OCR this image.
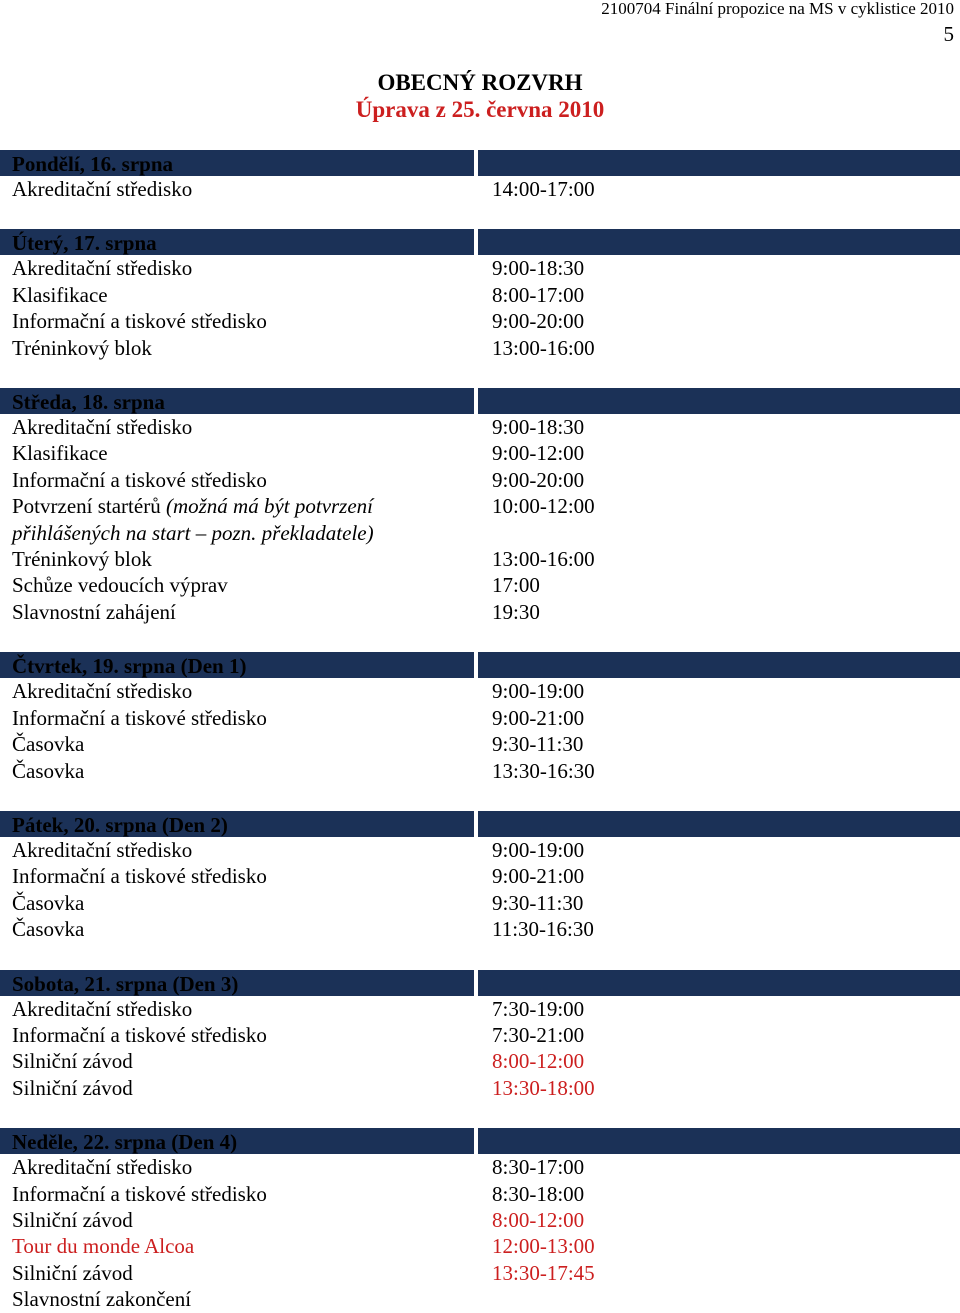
2100704 Finální propozice na MS v cyklistice 2010
5
OBECNÝ ROZVRH
Úprava z 25. června 2010
Pondělí, 16. srpna
Akreditační středisko	14:00-17:00
Úterý, 17. srpna
Akreditační středisko	9:00-18:30
Klasifikace	8:00-17:00
Informační a tiskové středisko	9:00-20:00
Tréninkový blok	13:00-16:00
Středa, 18. srpna
Akreditační středisko	9:00-18:30
Klasifikace	9:00-12:00
Informační a tiskové středisko	9:00-20:00
Potvrzení startérů (možná má být potvrzení přihlášených na start – pozn. překladatele)
10:00-12:00
Tréninkový blok	13:00-16:00
Schůze vedoucích výprav	17:00
Slavnostní zahájení	19:30
Čtvrtek, 19. srpna (Den 1)
Akreditační středisko	9:00-19:00
Informační a tiskové středisko	9:00-21:00
Časovka	9:30-11:30
Časovka	13:30-16:30
Pátek, 20. srpna (Den 2)
Akreditační středisko	9:00-19:00
Informační a tiskové středisko	9:00-21:00
Časovka	9:30-11:30
Časovka	11:30-16:30
Sobota, 21. srpna (Den 3)
Akreditační středisko	7:30-19:00
Informační a tiskové středisko	7:30-21:00
Silniční závod	8:00-12:00
Silniční závod	13:30-18:00
Neděle, 22. srpna (Den 4)
Akreditační středisko	8:30-17:00
Informační a tiskové středisko	8:30-18:00
Silniční závod	8:00-12:00
Tour du monde Alcoa	12:00-13:00
Silniční závod	13:30-17:45
Slavnostní zakončení
